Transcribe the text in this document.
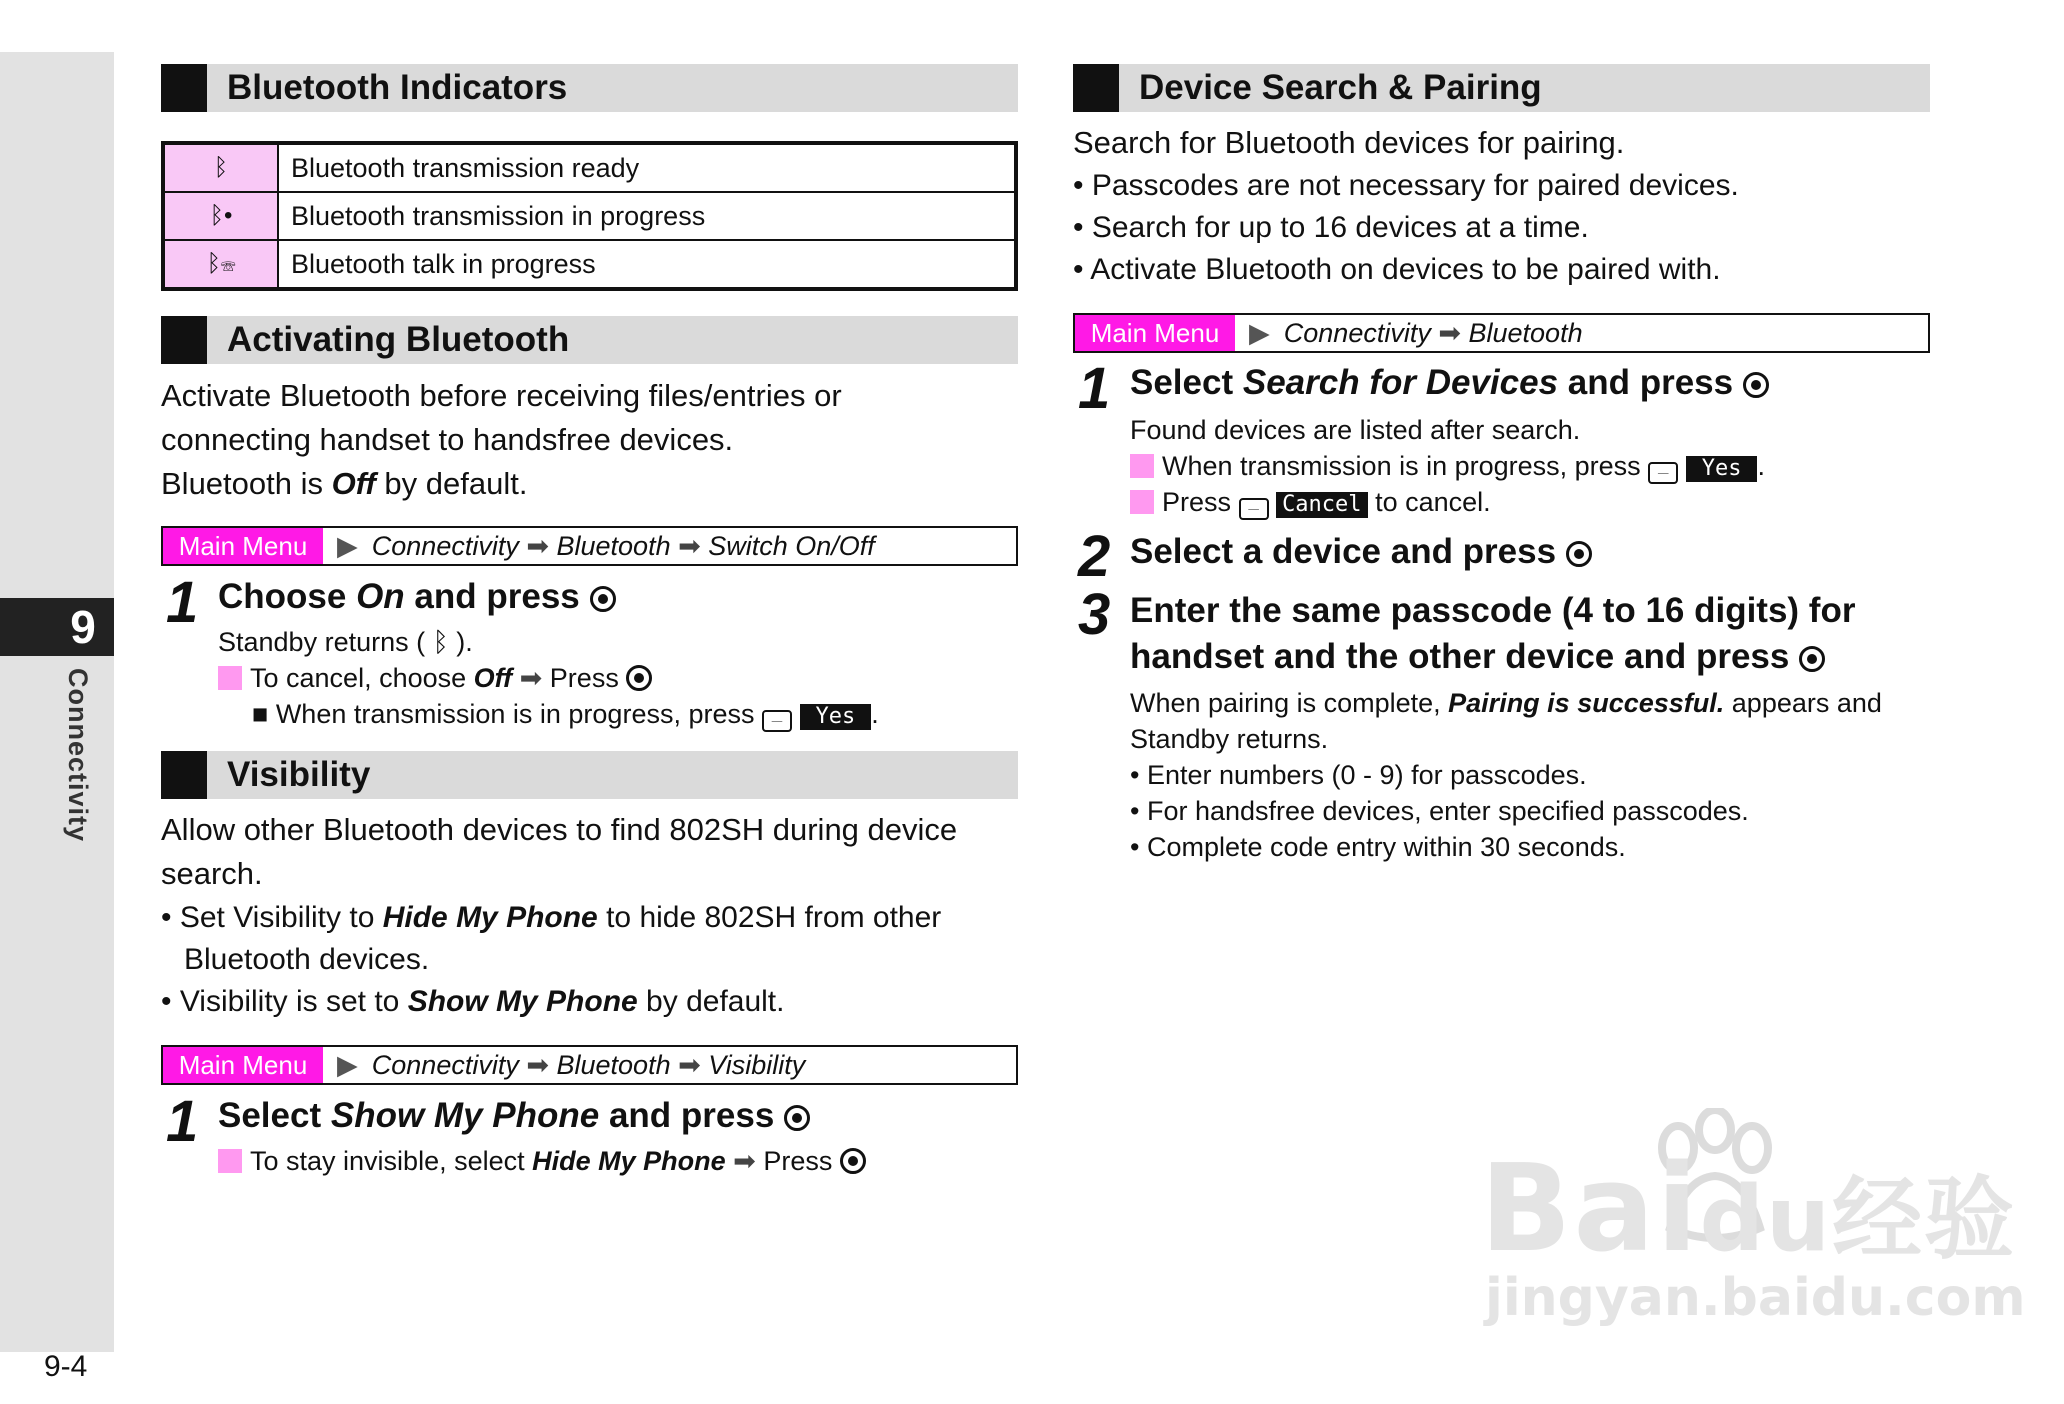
9
Connectivity
9-4
Bluetooth Indicators
ᛒ	Bluetooth transmission ready
ᛒ•	Bluetooth transmission in progress
ᛒ☏	Bluetooth talk in progress
Activating Bluetooth
Activate Bluetooth before receiving files/entries or
connecting handset to handsfree devices.
Bluetooth is Off by default.
Main Menu	▶ Connectivity ➡ Bluetooth ➡ Switch On/Off
1 Choose On and press
Standby returns ( ᛒ ).
To cancel, choose Off ➡ Press
■ When transmission is in progress, press ⏤ Yes .
Visibility
Allow other Bluetooth devices to find 802SH during device
search.
• Set Visibility to Hide My Phone to hide 802SH from other
Bluetooth devices.
• Visibility is set to Show My Phone by default.
Main Menu	▶ Connectivity ➡ Bluetooth ➡ Visibility
1 Select Show My Phone and press
To stay invisible, select Hide My Phone ➡ Press
Device Search & Pairing
Search for Bluetooth devices for pairing.
• Passcodes are not necessary for paired devices.
• Search for up to 16 devices at a time.
• Activate Bluetooth on devices to be paired with.
Main Menu	▶ Connectivity ➡ Bluetooth
1 Select Search for Devices and press
Found devices are listed after search.
When transmission is in progress, press ⏤ Yes .
Press ⏤ Cancel to cancel.
2 Select a device and press
3 Enter the same passcode (4 to 16 digits) for
handset and the other device and press
When pairing is complete, Pairing is successful. appears and
Standby returns.
• Enter numbers (0 - 9) for passcodes.
• For handsfree devices, enter specified passcodes.
• Complete code entry within 30 seconds.
Baidu经验
jingyan.baidu.com
